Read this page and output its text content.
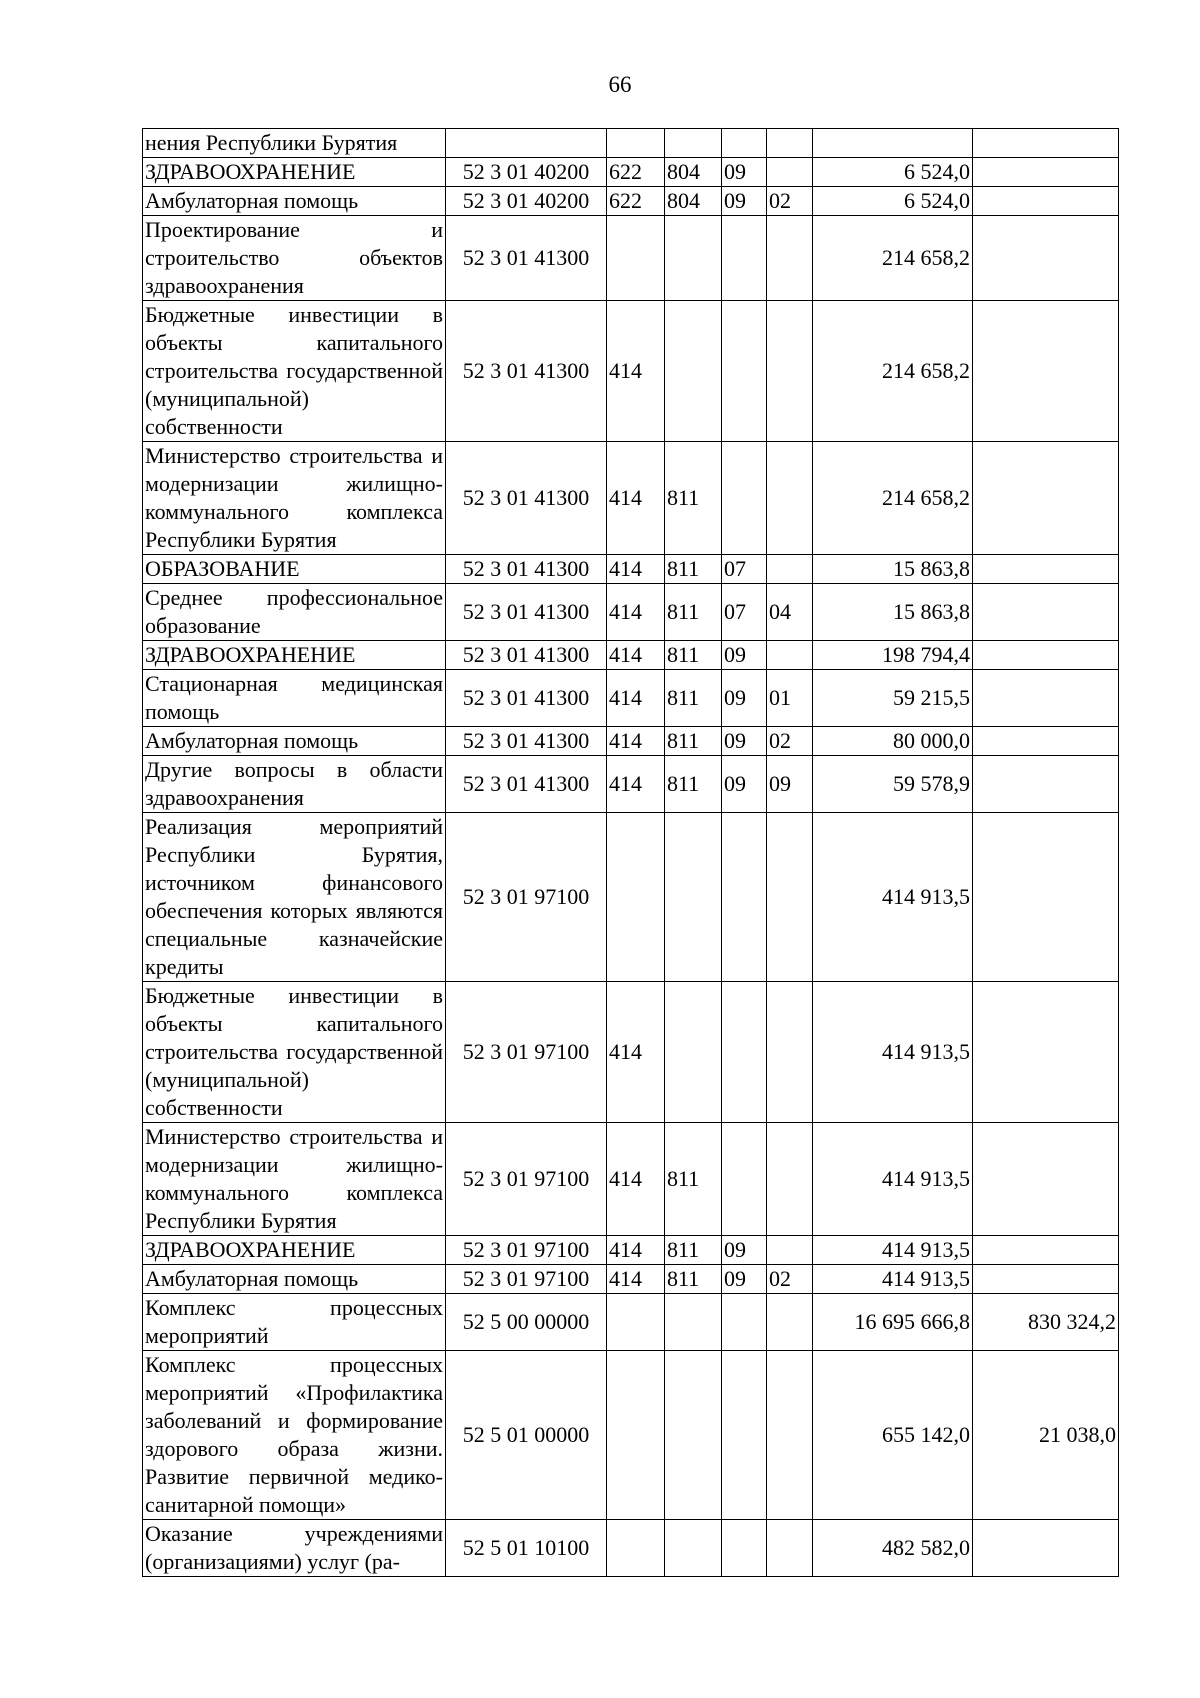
66
нения Республики Бурятия							
ЗДРАВООХРАНЕНИЕ	52 3 01 40200	622	804	09		6 524,0	
Амбулаторная помощь	52 3 01 40200	622	804	09	02	6 524,0	
Проектирование и строительство объектов здравоохранения	52 3 01 41300					214 658,2	
Бюджетные инвестиции в объекты капитального строительства государственной (муниципальной) собственности	52 3 01 41300	414				214 658,2	
Министерство строительства и модернизации жилищно-коммунального комплекса Республики Бурятия	52 3 01 41300	414	811			214 658,2	
ОБРАЗОВАНИЕ	52 3 01 41300	414	811	07		15 863,8	
Среднее профессиональное образование	52 3 01 41300	414	811	07	04	15 863,8	
ЗДРАВООХРАНЕНИЕ	52 3 01 41300	414	811	09		198 794,4	
Стационарная медицинская помощь	52 3 01 41300	414	811	09	01	59 215,5	
Амбулаторная помощь	52 3 01 41300	414	811	09	02	80 000,0	
Другие вопросы в области здравоохранения	52 3 01 41300	414	811	09	09	59 578,9	
Реализация мероприятий Республики Бурятия, источником финансового обеспечения которых являются специальные казначейские кредиты	52 3 01 97100					414 913,5	
Бюджетные инвестиции в объекты капитального строительства государственной (муниципальной) собственности	52 3 01 97100	414				414 913,5	
Министерство строительства и модернизации жилищно-коммунального комплекса Республики Бурятия	52 3 01 97100	414	811			414 913,5	
ЗДРАВООХРАНЕНИЕ	52 3 01 97100	414	811	09		414 913,5	
Амбулаторная помощь	52 3 01 97100	414	811	09	02	414 913,5	
Комплекс процессных мероприятий	52 5 00 00000					16 695 666,8	830 324,2
Комплекс процессных мероприятий «Профилактика заболеваний и формирование здорового образа жизни. Развитие первичной медико-санитарной помощи»	52 5 01 00000					655 142,0	21 038,0
Оказание учреждениями (организациями) услуг (ра-	52 5 01 10100					482 582,0	
